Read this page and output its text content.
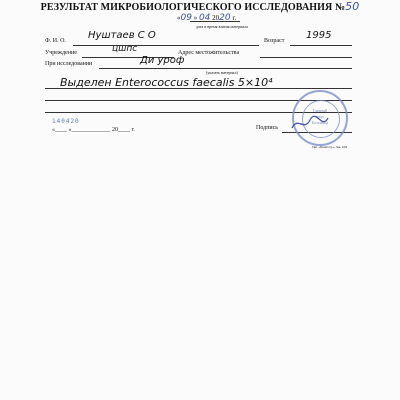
РЕЗУЛЬТАТ МИКРОБИОЛОГИЧЕСКОГО ИССЛЕДОВАНИЯ №50
«09 » 04 2020 г.
дата и время взятия материала
Ф. И. О. Нуштаев С О	Возраст 1995
Учреждение	цшпс	Адрес местожительства
При исследовании	Ди уроф
(указать материал)
Выделен Enterococcus faecalis 5×10⁴
140420
«____ »_____________ 20____ г.	Подпись
Тип. «ПечатСтр.», Зак. 2/94
Главный
врач
Больница
